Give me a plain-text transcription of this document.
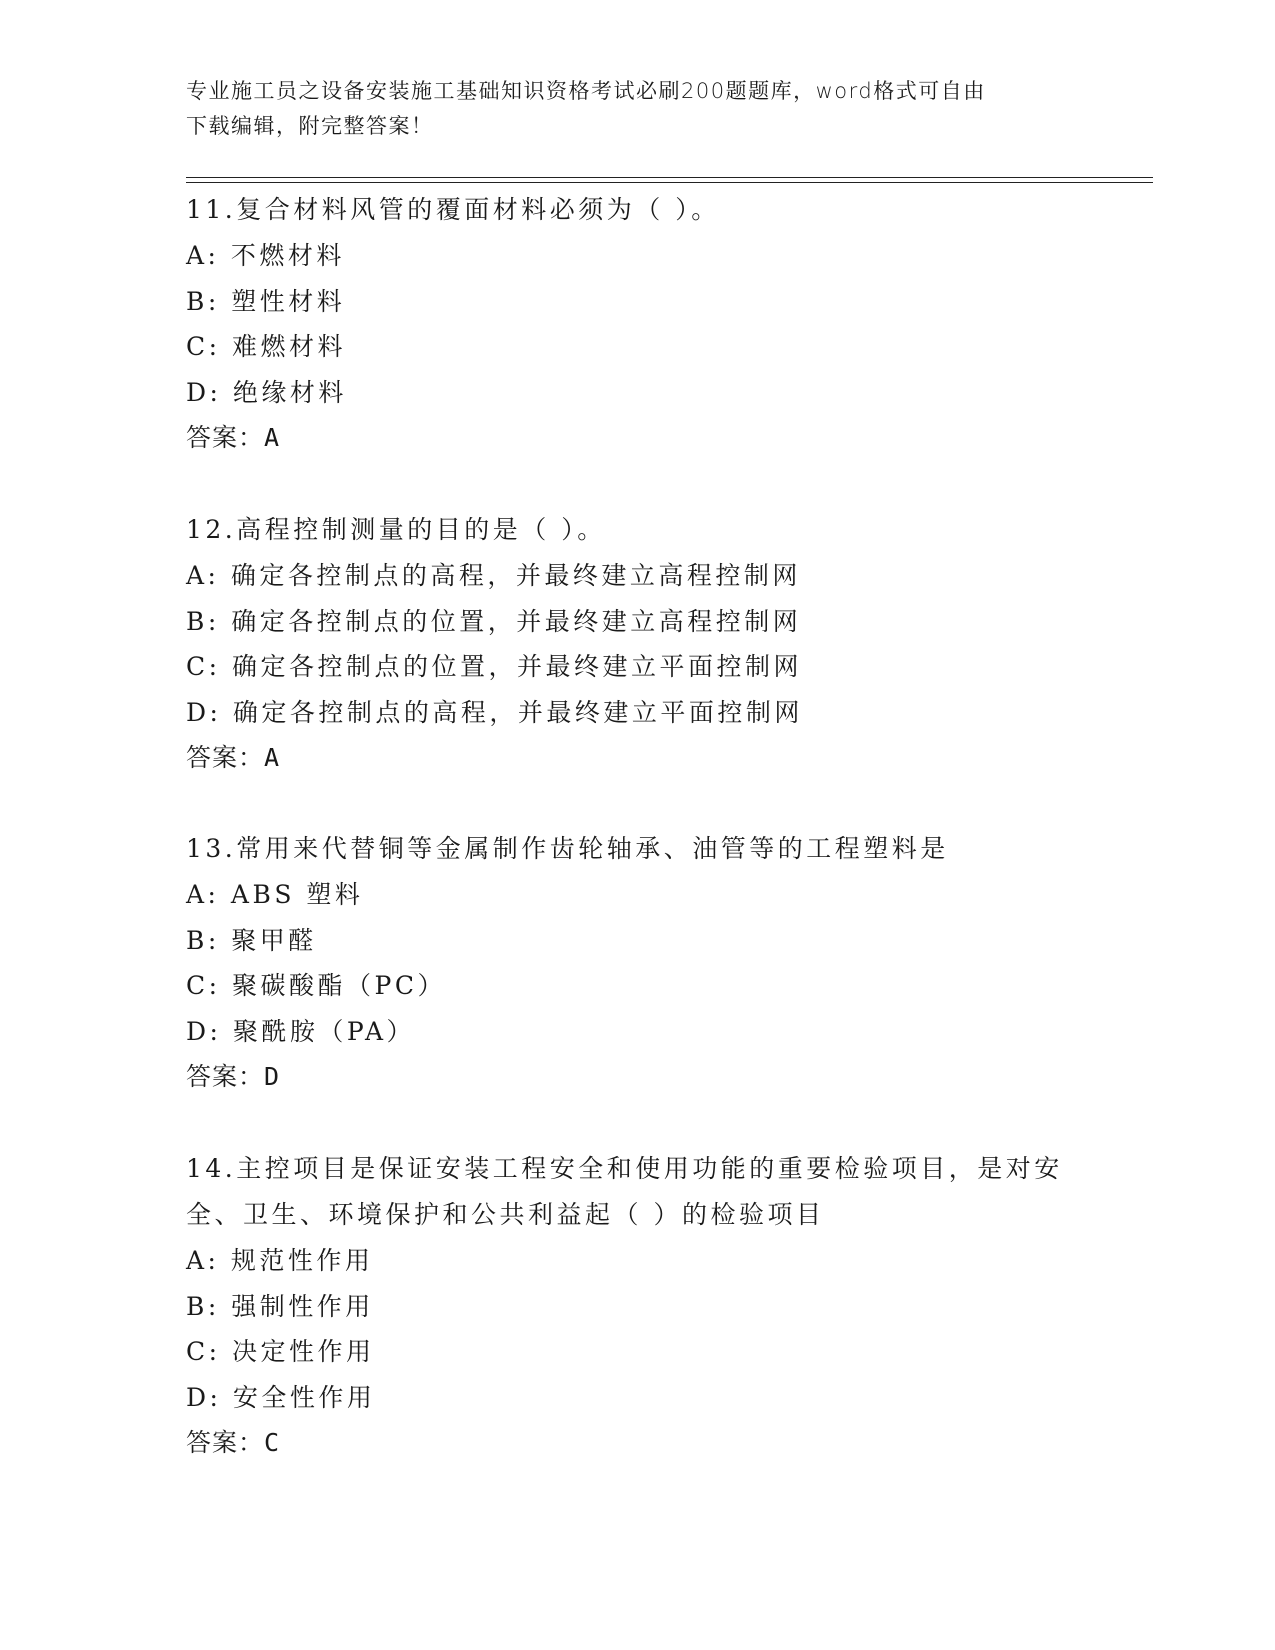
专业施工员之设备安装施工基础知识资格考试必刷200题题库，word格式可自由
下载编辑，附完整答案！
11.复合材料风管的覆面材料必须为（ ）。
A: 不燃材料
B: 塑性材料
C: 难燃材料
D: 绝缘材料
答案：A
12.高程控制测量的目的是（ ）。
A: 确定各控制点的高程，并最终建立高程控制网
B: 确定各控制点的位置，并最终建立高程控制网
C: 确定各控制点的位置，并最终建立平面控制网
D: 确定各控制点的高程，并最终建立平面控制网
答案：A
13.常用来代替铜等金属制作齿轮轴承、油管等的工程塑料是
A: ABS 塑料
B: 聚甲醛
C: 聚碳酸酯（PC）
D: 聚酰胺（PA）
答案：D
14.主控项目是保证安装工程安全和使用功能的重要检验项目，是对安
全、卫生、环境保护和公共利益起（ ）的检验项目
A: 规范性作用
B: 强制性作用
C: 决定性作用
D: 安全性作用
答案：C
